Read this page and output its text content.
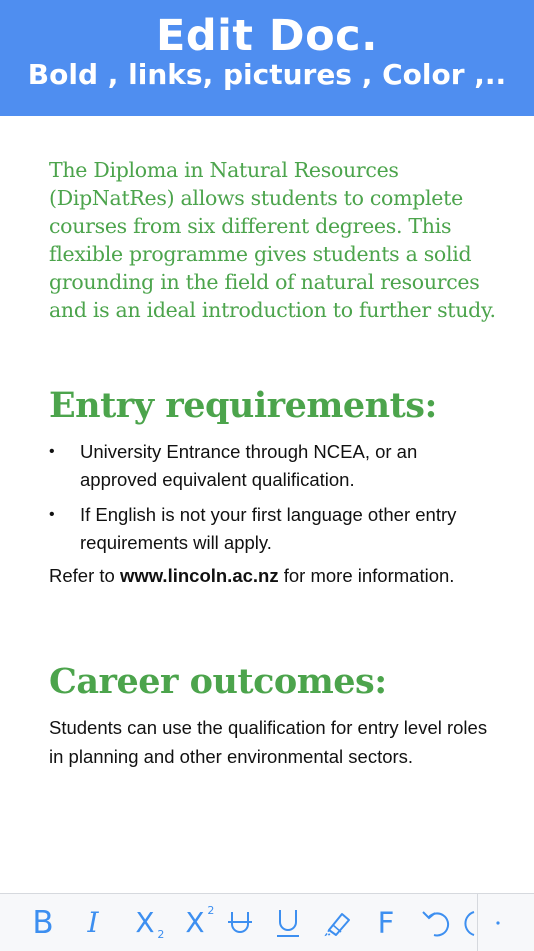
Edit Doc.
Bold , links, pictures , Color ,..

The Diploma in Natural Resources (DipNatRes) allows students to complete courses from six different degrees. This flexible programme gives students a solid grounding in the field of natural resources and is an ideal introduction to further study.

Entry requirements:
• University Entrance through NCEA, or an approved equivalent qualification.
• If English is not your first language other entry requirements will apply.

Refer to www.lincoln.ac.nz for more information.

Career outcomes:

Students can use the qualification for entry level roles in planning and other environmental sectors.

B I X 2 X 2	F
